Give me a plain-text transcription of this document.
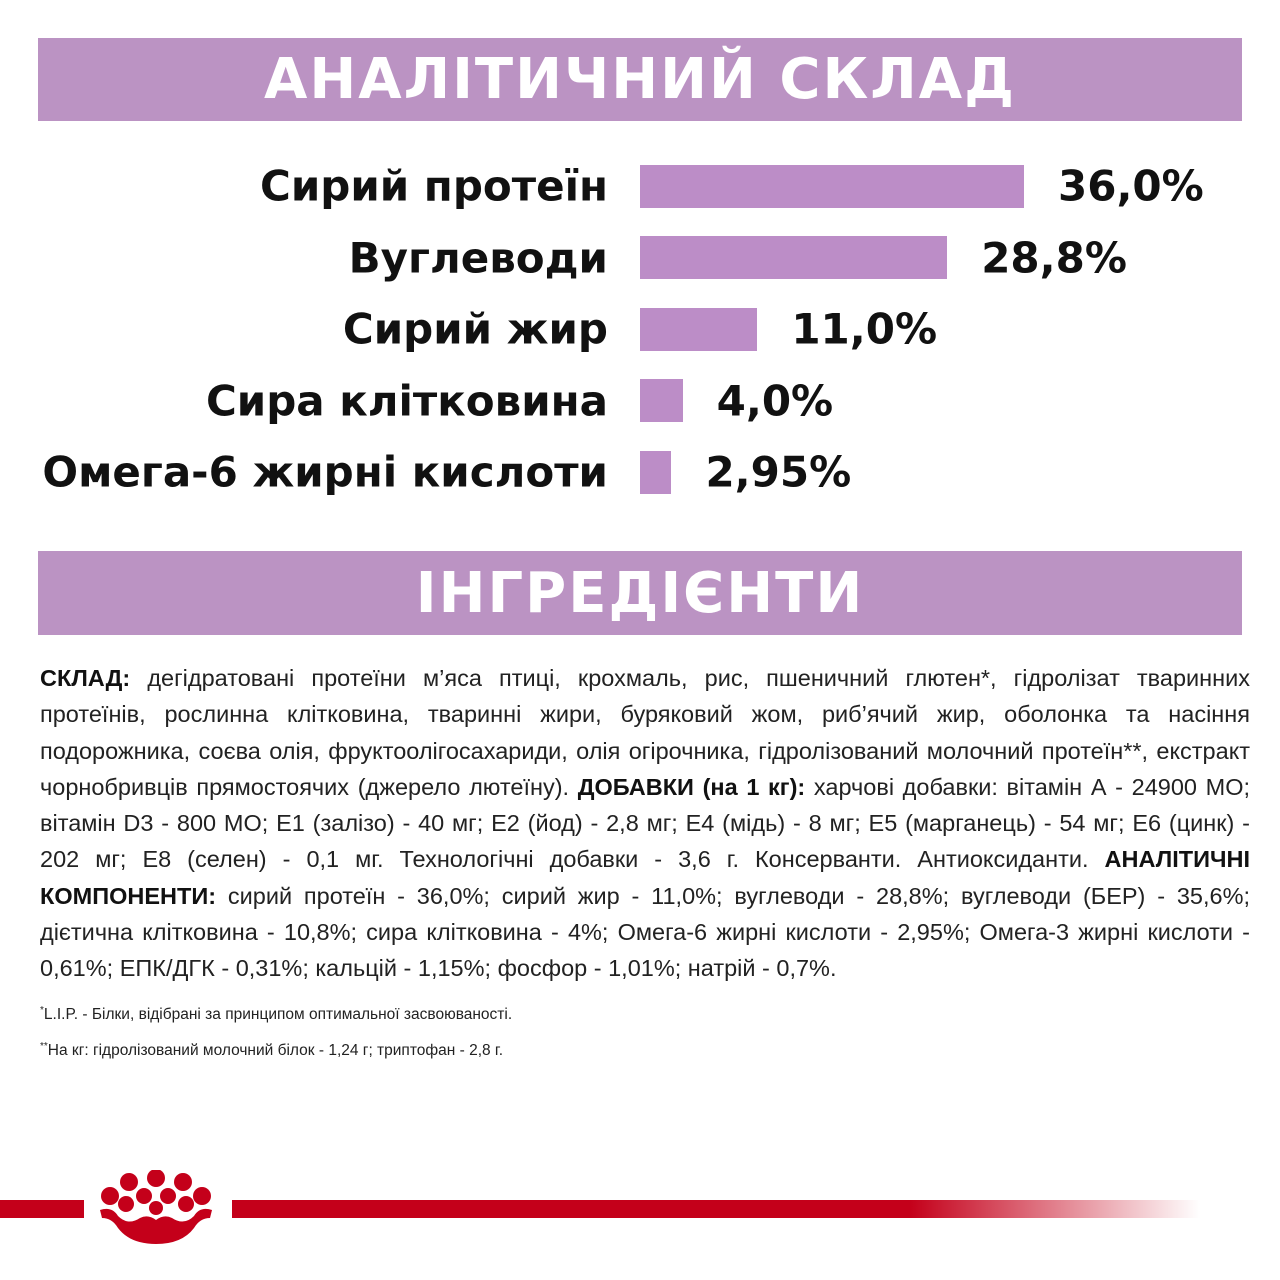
АНАЛІТИЧНИЙ СКЛАД
Сирий протеїн	36,0%
Вуглеводи	28,8%
Сирий жир	11,0%
Сира клітковина	4,0%
Омега-6 жирні кислоти 2,95%
ІНГРЕДІЄНТИ
СКЛАД: дегідратовані протеїни м’яса птиці, крохмаль, рис, пшеничний глютен*, гідролізат тваринних протеїнів, рослинна клітковина, тваринні жири, буряковий жом, риб’ячий жир, оболонка та насіння подорожника, соєва олія, фруктоолігосахариди, олія огірочника, гідролізований молочний протеїн**, екстракт чорнобривців прямостоячих (джерело лютеїну). ДОБАВКИ (на 1 кг): харчові добавки: вітамін А - 24900 МО; вітамін D3 - 800 МО; E1 (залізо) - 40 мг; E2 (йод) - 2,8 мг; E4 (мідь) - 8 мг; E5 (марганець) - 54 мг; E6 (цинк) - 202 мг; E8 (селен) - 0,1 мг. Технологічні добавки - 3,6 г. Консерванти. Антиоксиданти. АНАЛІТИЧНІ КОМПОНЕНТИ: сирий протеїн - 36,0%; сирий жир - 11,0%; вуглеводи - 28,8%; вуглеводи (БЕР) - 35,6%; дієтична клітковина - 10,8%; сира клітковина - 4%; Омега-6 жирні кислоти - 2,95%; Омега-3 жирні кислоти - 0,61%; ЕПК/ДГК - 0,31%; кальцій - 1,15%; фосфор - 1,01%; натрій - 0,7%.
*L.I.P. - Білки, відібрані за принципом оптимальної засвоюваності.
**На кг: гідролізований молочний білок - 1,24 г; триптофан - 2,8 г.
